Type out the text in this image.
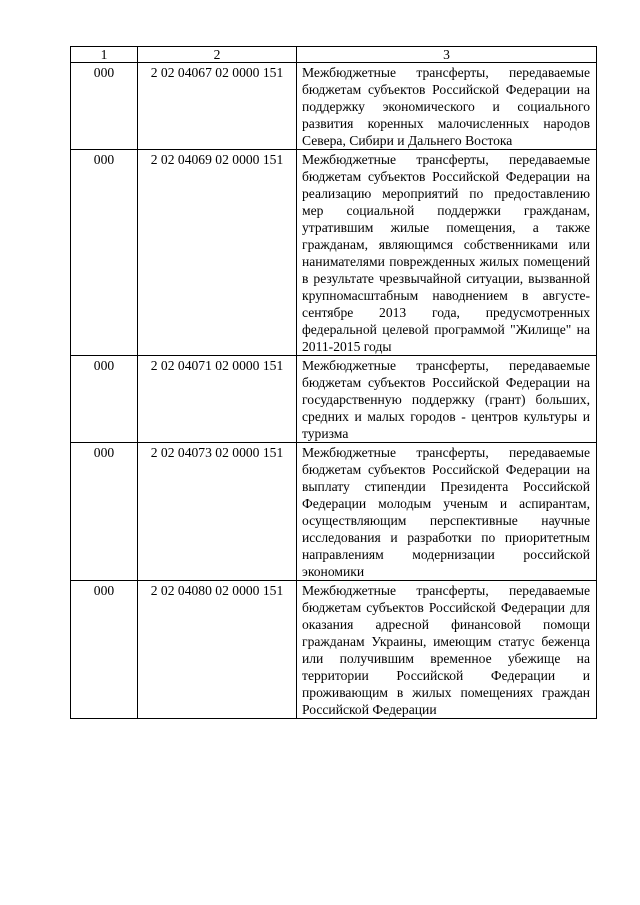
1	2	3
000	2 02 04067 02 0000 151	Межбюджетные трансферты, передаваемые бюджетам субъектов Российской Федерации на поддержку экономического и социального развития коренных малочисленных народов Севера, Сибири и Дальнего Востока
000	2 02 04069 02 0000 151	Межбюджетные трансферты, передаваемые бюджетам субъектов Российской Федерации на реализацию мероприятий по предоставлению мер социальной поддержки гражданам, утратившим жилые помещения, а также гражданам, являющимся собственниками или нанимателями поврежденных жилых помещений в результате чрезвычайной ситуации, вызванной крупномасштабным наводнением в августе-сентябре 2013 года, предусмотренных федеральной целевой программой "Жилище" на 2011-2015 годы
000	2 02 04071 02 0000 151	Межбюджетные трансферты, передаваемые бюджетам субъектов Российской Федерации на государственную поддержку (грант) больших, средних и малых городов - центров культуры и туризма
000	2 02 04073 02 0000 151	Межбюджетные трансферты, передаваемые бюджетам субъектов Российской Федерации на выплату стипендии Президента Российской Федерации молодым ученым и аспирантам, осуществляющим перспективные научные исследования и разработки по приоритетным направлениям модернизации российской экономики
000	2 02 04080 02 0000 151	Межбюджетные трансферты, передаваемые бюджетам субъектов Российской Федерации для оказания адресной финансовой помощи гражданам Украины, имеющим статус беженца или получившим временное убежище на территории Российской Федерации и проживающим в жилых помещениях граждан Российской Федерации
